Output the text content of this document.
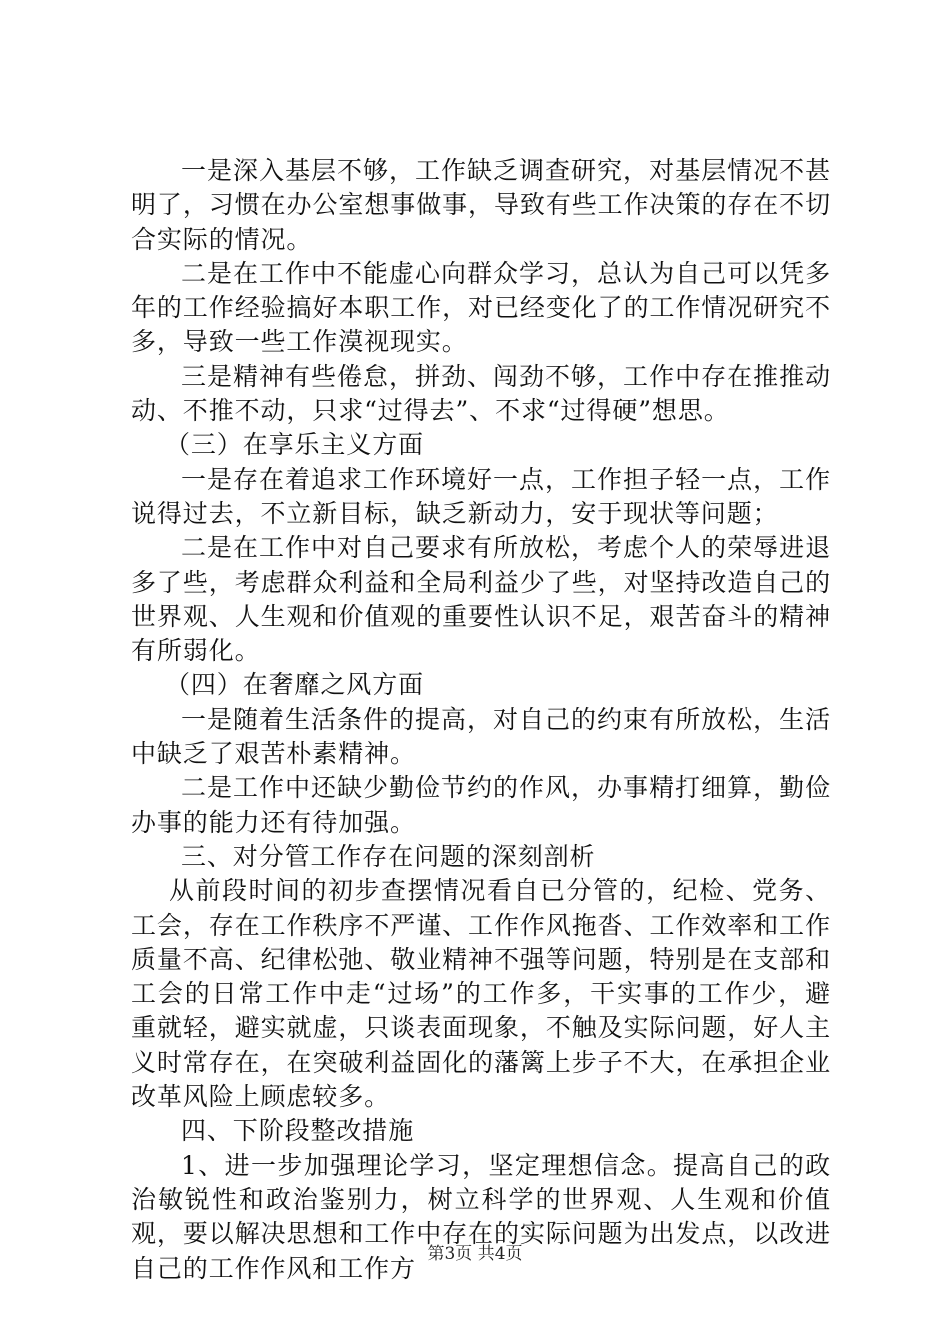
一是深入基层不够，工作缺乏调查研究，对基层情况不甚明了，习惯在办公室想事做事，导致有些工作决策的存在不切合实际的情况。

二是在工作中不能虚心向群众学习，总认为自己可以凭多年的工作经验搞好本职工作，对已经变化了的工作情况研究不多，导致一些工作漠视现实。

三是精神有些倦怠，拼劲、闯劲不够，工作中存在推推动动、不推不动，只求“过得去”、不求“过得硬”想思。

（三）在享乐主义方面

一是存在着追求工作环境好一点，工作担子轻一点，工作说得过去，不立新目标，缺乏新动力，安于现状等问题；

二是在工作中对自己要求有所放松，考虑个人的荣辱进退多了些，考虑群众利益和全局利益少了些，对坚持改造自己的世界观、人生观和价值观的重要性认识不足，艰苦奋斗的精神有所弱化。

（四）在奢靡之风方面

一是随着生活条件的提高，对自己的约束有所放松，生活中缺乏了艰苦朴素精神。

二是工作中还缺少勤俭节约的作风，办事精打细算，勤俭办事的能力还有待加强。

三、对分管工作存在问题的深刻剖析

从前段时间的初步查摆情况看自已分管的，纪检、党务、工会，存在工作秩序不严谨、工作作风拖沓、工作效率和工作质量不高、纪律松弛、敬业精神不强等问题，特别是在支部和工会的日常工作中走“过场”的工作多，干实事的工作少，避重就轻，避实就虚，只谈表面现象，不触及实际问题，好人主义时常存在，在突破利益固化的藩篱上步子不大，在承担企业改革风险上顾虑较多。

四、下阶段整改措施

1、进一步加强理论学习，坚定理想信念。提高自己的政治敏锐性和政治鉴别力，树立科学的世界观、人生观和价值观，要以解决思想和工作中存在的实际问题为出发点，以改进自己的工作作风和工作方 第3页 共4页
